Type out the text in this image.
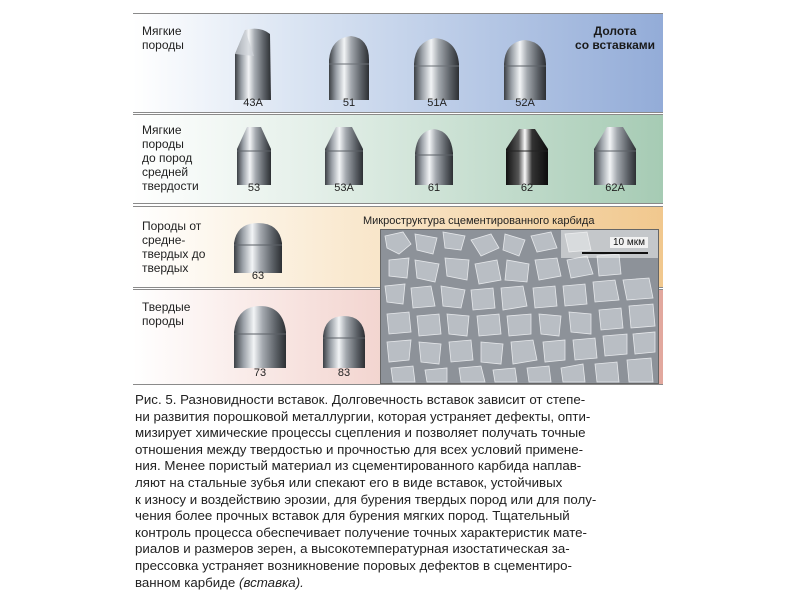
Мягкие
породы
Долота
со вставками
43А	51	51А	52А
Мягкие
породы
до пород
средней
твердости	53	53А	61	62	62А
Породы от
средне-
твердых до
твердых
63
Твердые
породы
73	83
Микроструктура сцементированного карбида
10 мкм
Рис. 5. Разновидности вставок. Долговечность вставок зависит от степе-
ни развития порошковой металлургии, которая устраняет дефекты, опти-
мизирует химические процессы сцепления и позволяет получать точные
отношения между твердостью и прочностью для всех условий примене-
ния. Менее пористый материал из сцементированного карбида наплав-
ляют на стальные зубья или спекают его в виде вставок, устойчивых
к износу и воздействию эрозии, для бурения твердых пород или для полу-
чения более прочных вставок для бурения мягких пород. Тщательный
контроль процесса обеспечивает получение точных характеристик мате-
риалов и размеров зерен, а высокотемпературная изостатическая за-
прессовка устраняет возникновение поровых дефектов в сцементиро-
ванном карбиде (вставка).
